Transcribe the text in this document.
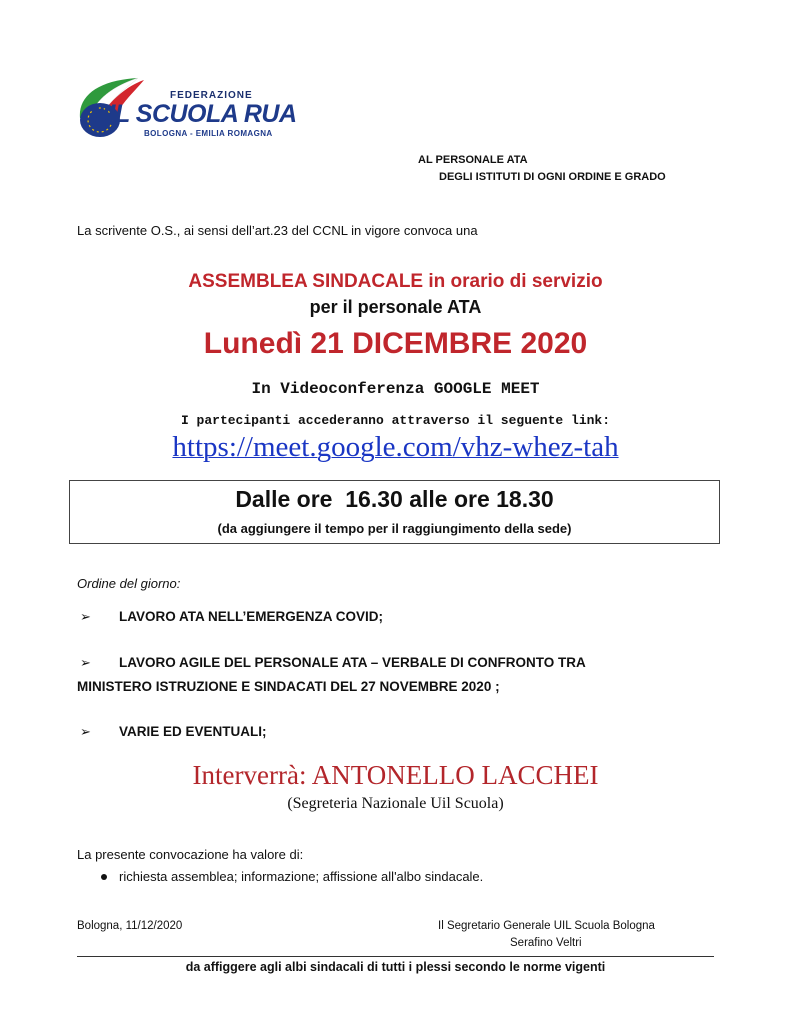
FEDERAZIONE
UIL SCUOLA RUA
BOLOGNA - EMILIA ROMAGNA
AL PERSONALE ATA
DEGLI ISTITUTI DI OGNI ORDINE E GRADO
La scrivente O.S., ai sensi dell’art.23 del CCNL in vigore convoca una
ASSEMBLEA SINDACALE in orario di servizio
per il personale ATA
Lunedì 21 DICEMBRE 2020
In Videoconferenza GOOGLE MEET
I partecipanti accederanno attraverso il seguente link:
https://meet.google.com/vhz-whez-tah
Dalle ore  16.30 alle ore 18.30
(da aggiungere il tempo per il raggiungimento della sede)
Ordine del giorno:
➢ LAVORO ATA NELL’EMERGENZA COVID;
➢ LAVORO AGILE DEL PERSONALE ATA – VERBALE DI CONFRONTO TRA
MINISTERO ISTRUZIONE E SINDACATI DEL 27 NOVEMBRE 2020 ;
➢ VARIE ED EVENTUALI;
Interverrà: ANTONELLO LACCHEI
(Segreteria Nazionale Uil Scuola)
La presente convocazione ha valore di:
richiesta assemblea; informazione; affissione all'albo sindacale.
Bologna, 11/12/2020	Il Segretario Generale UIL Scuola Bologna
Serafino Veltri
da affiggere agli albi sindacali di tutti i plessi secondo le norme vigenti
